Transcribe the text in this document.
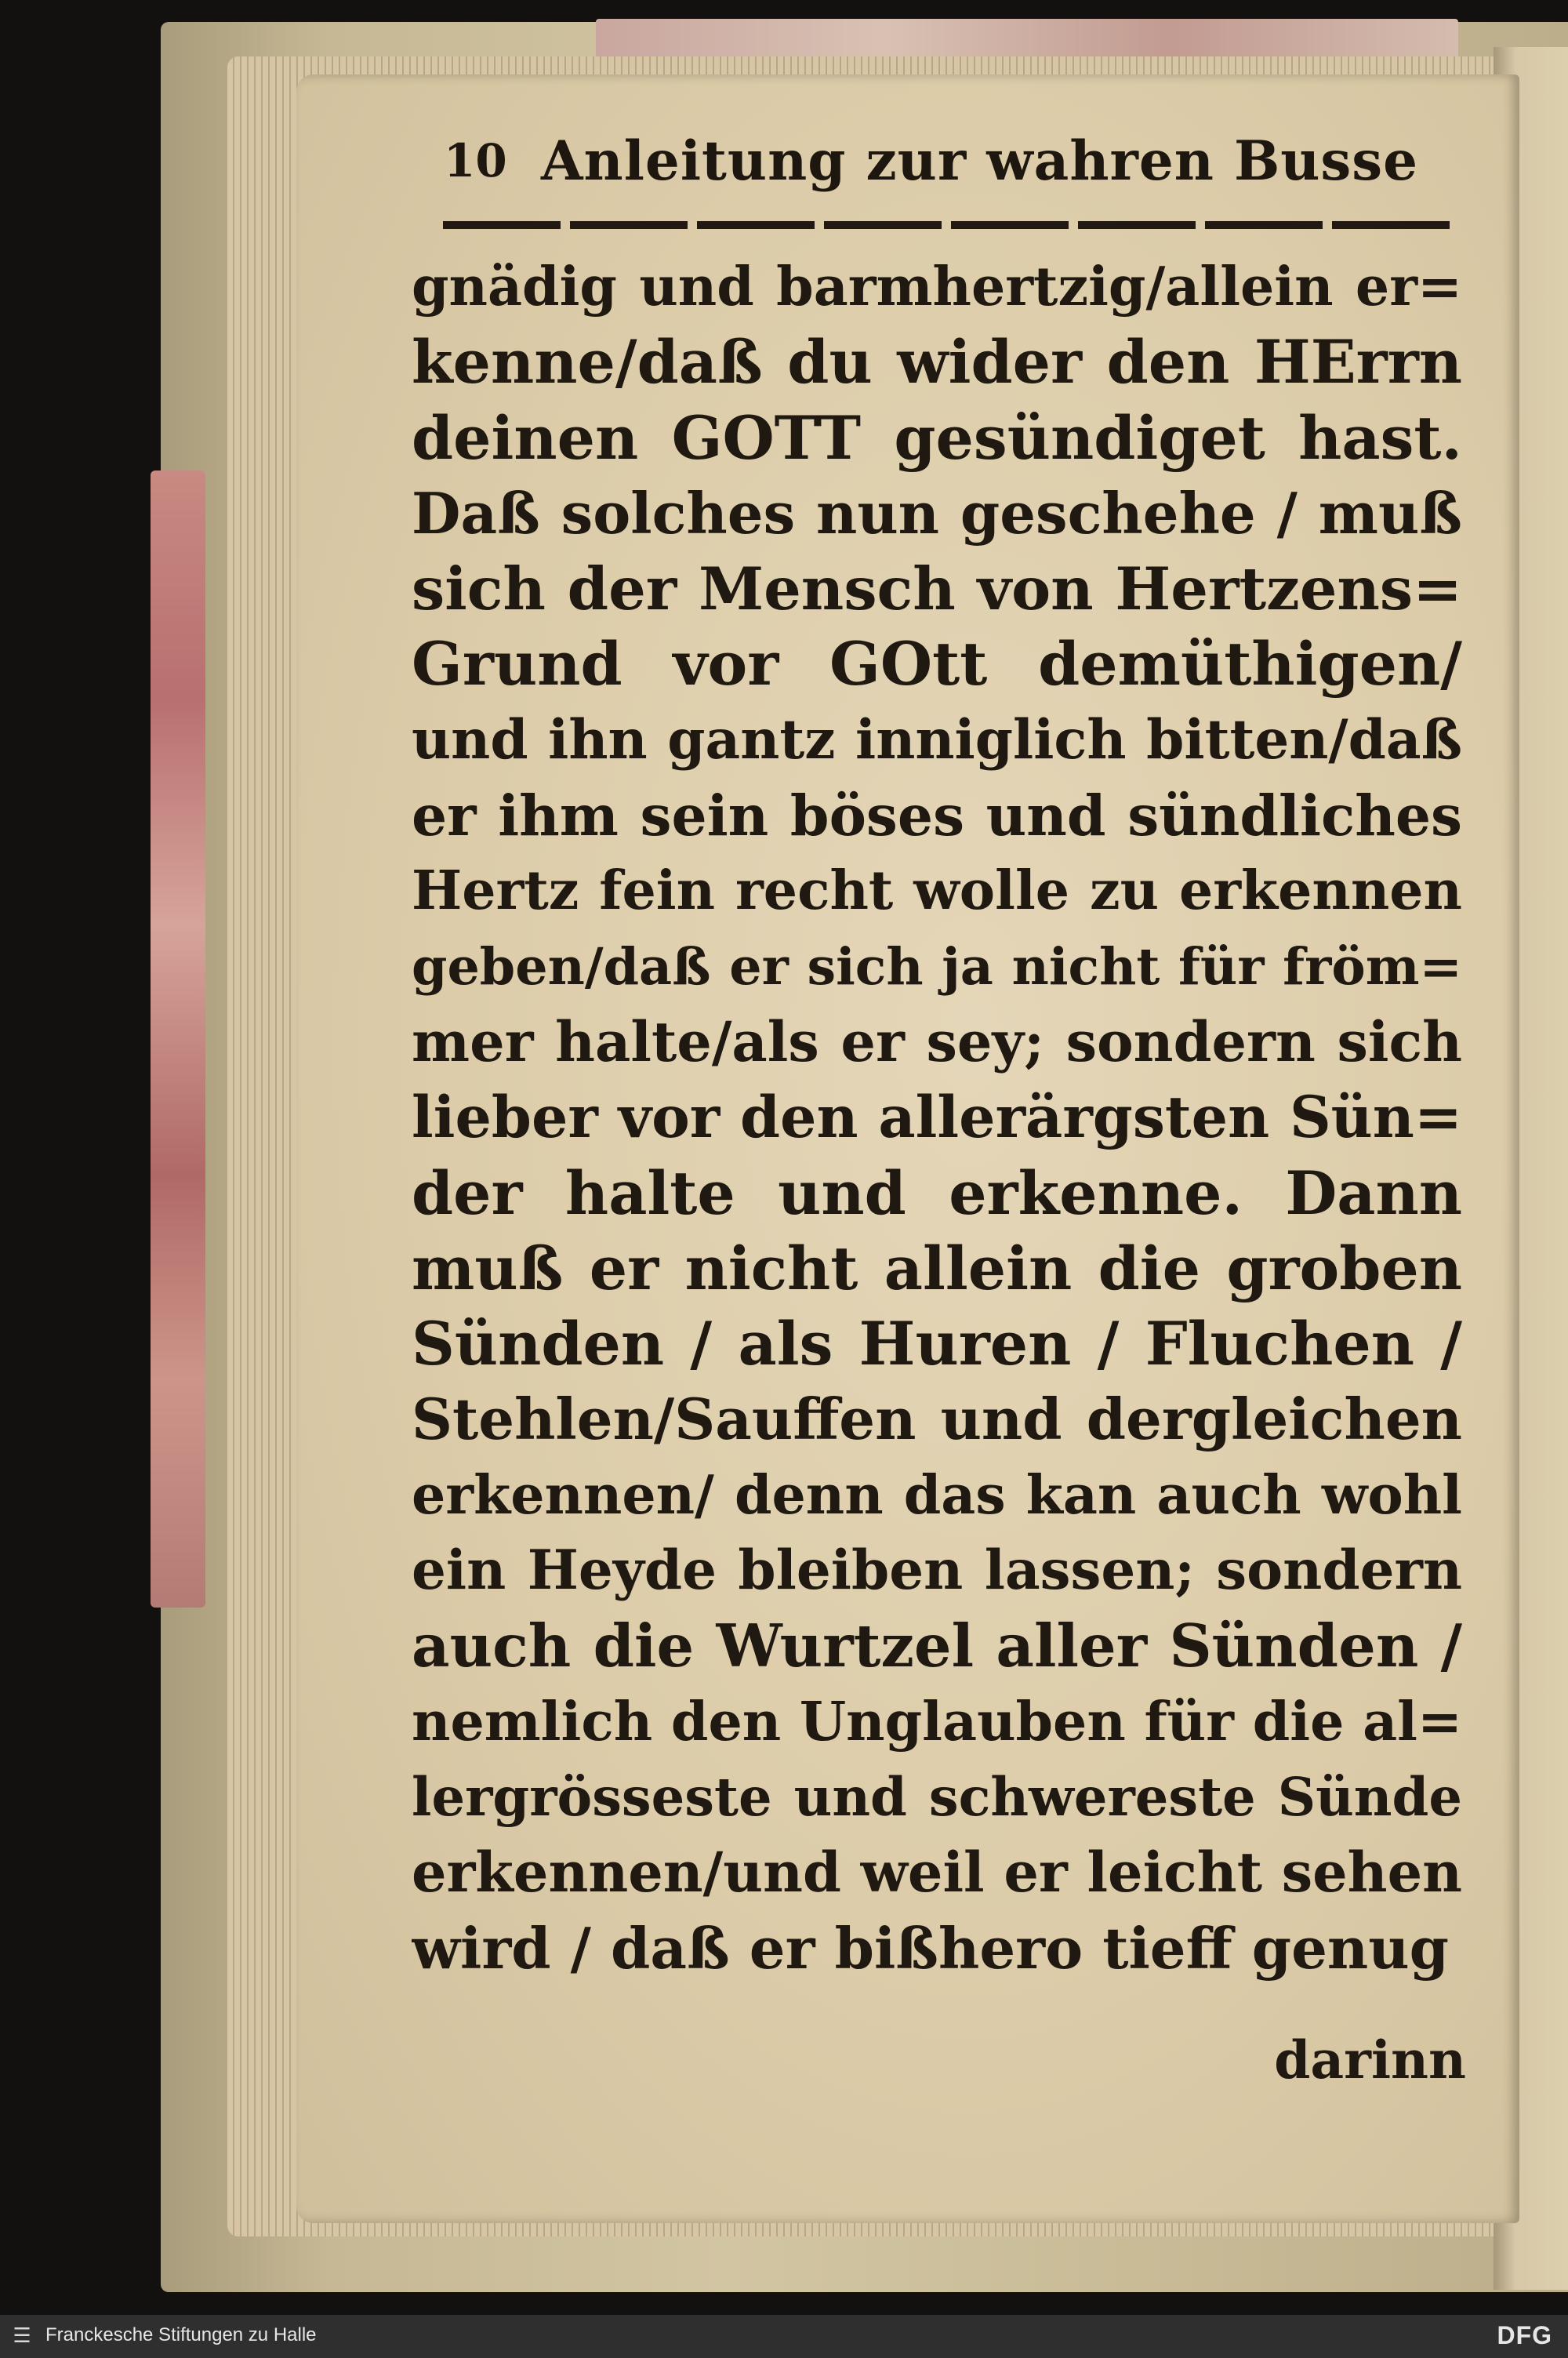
10 Anleitung zur wahren Busse
gnädig und barmhertzig/allein er=
kenne/daß du wider den HErrn
deinen GOTT gesündiget hast.
Daß solches nun geschehe / muß
sich der Mensch von Hertzens=
Grund vor GOtt demüthigen/
und ihn gantz inniglich bitten/daß
er ihm sein böses und sündliches
Hertz fein recht wolle zu erkennen
geben/daß er sich ja nicht für fröm=
mer halte/als er sey; sondern sich
lieber vor den allerärgsten Sün=
der halte und erkenne. Dann
muß er nicht allein die groben
Sünden / als Huren / Fluchen /
Stehlen/Sauffen und dergleichen
erkennen/ denn das kan auch wohl
ein Heyde bleiben lassen; sondern
auch die Wurtzel aller Sünden /
nemlich den Unglauben für die al=
lergrösseste und schwereste Sünde
erkennen/und weil er leicht sehen
wird / daß er bißhero tieff genug
darinn
☰ Franckesche Stiftungen zu Halle	DFG
